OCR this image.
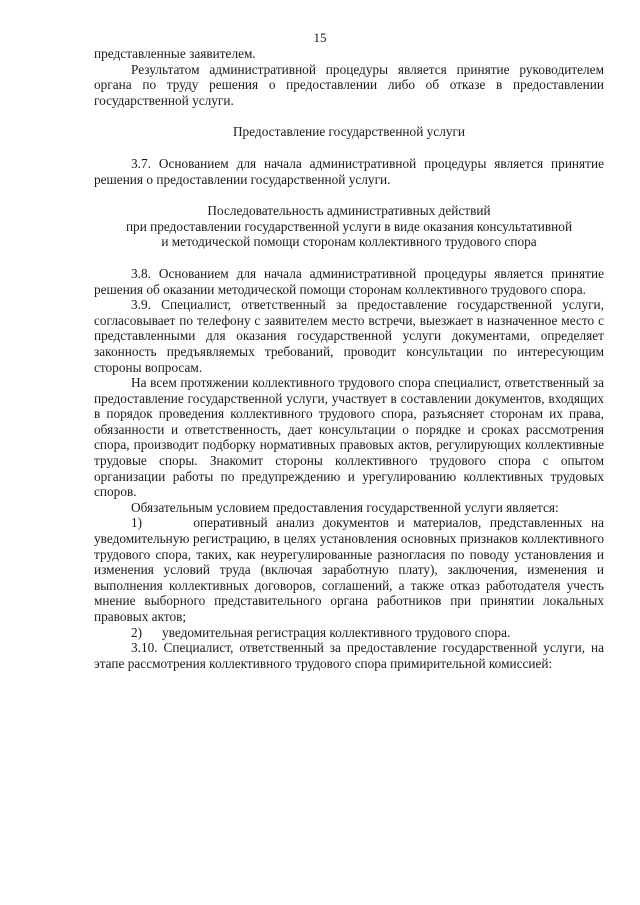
15

представленные заявителем.

Результатом административной процедуры является принятие руководителем органа по труду решения о предоставлении либо об отказе в предоставлении государственной услуги.

Предоставление государственной услуги

3.7. Основанием для начала административной процедуры является принятие решения о предоставлении государственной услуги.

Последовательность административных действий

при предоставлении государственной услуги в виде оказания консультативной

и методической помощи сторонам коллективного трудового спора

3.8. Основанием для начала административной процедуры является принятие решения об оказании методической помощи сторонам коллективного трудового спора.

3.9. Специалист, ответственный за предоставление государственной услуги, согласовывает по телефону с заявителем место встречи, выезжает в назначенное место с представленными для оказания государственной услуги документами, определяет законность предъявляемых требований, проводит консультации по интересующим стороны вопросам.

На всем протяжении коллективного трудового спора специалист, ответственный за предоставление государственной услуги, участвует в составлении документов, входящих в порядок проведения коллективного трудового спора, разъясняет сторонам их права, обязанности и ответственность, дает консультации о порядке и сроках рассмотрения спора, производит подборку нормативных правовых актов, регулирующих коллективные трудовые споры. Знакомит стороны коллективного трудового спора с опытом организации работы по предупреждению и урегулированию коллективных трудовых споров.

Обязательным условием предоставления государственной услуги является:

1)	оперативный анализ документов и материалов, представленных на уведомительную регистрацию, в целях установления основных признаков коллективного трудового спора, таких, как неурегулированные разногласия по поводу установления и изменения условий труда (включая заработную плату), заключения, изменения и выполнения коллективных договоров, соглашений, а также отказ работодателя учесть мнение выборного представительного органа работников при принятии локальных правовых актов;

2) уведомительная регистрация коллективного трудового спора.

3.10. Специалист, ответственный за предоставление государственной услуги, на этапе рассмотрения коллективного трудового спора примирительной комиссией:
